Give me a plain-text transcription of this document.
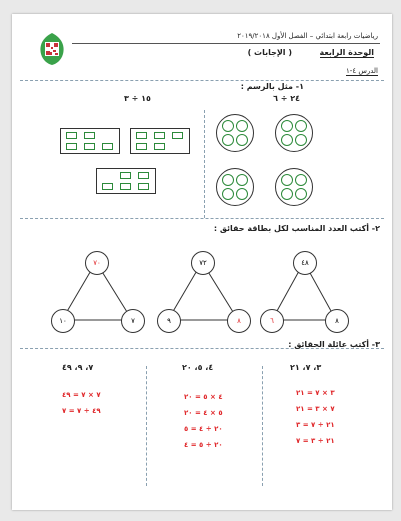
رياضيات رابعة ابتدائي – الفصل الأول ٢٠١٩/٢٠١٨
الوحدة الرابعة
( الإجابات )
الدرس ٤-١
١- مثل بالرسم :
٢٤ ÷ ٦
١٥ ÷ ٣
٢- أكتب العدد المناسب لكل بطاقة حقائق :
٤٨
٦	٨
٧٢
٩	٨
٧٠
١٠	٧
٣- أكتب عائلة الحقائق :
٣، ٧، ٢١
٣ × ٧ = ٢١
٧ × ٣ = ٢١
٢١ ÷ ٧ = ٣
٢١ ÷ ٣ = ٧
٤، ٥، ٢٠
٤ × ٥ = ٢٠
٥ × ٤ = ٢٠
٢٠ ÷ ٤ = ٥
٢٠ ÷ ٥ = ٤
٧، ٩، ٤٩
٧ × ٧ = ٤٩
٤٩ ÷ ٧ = ٧
